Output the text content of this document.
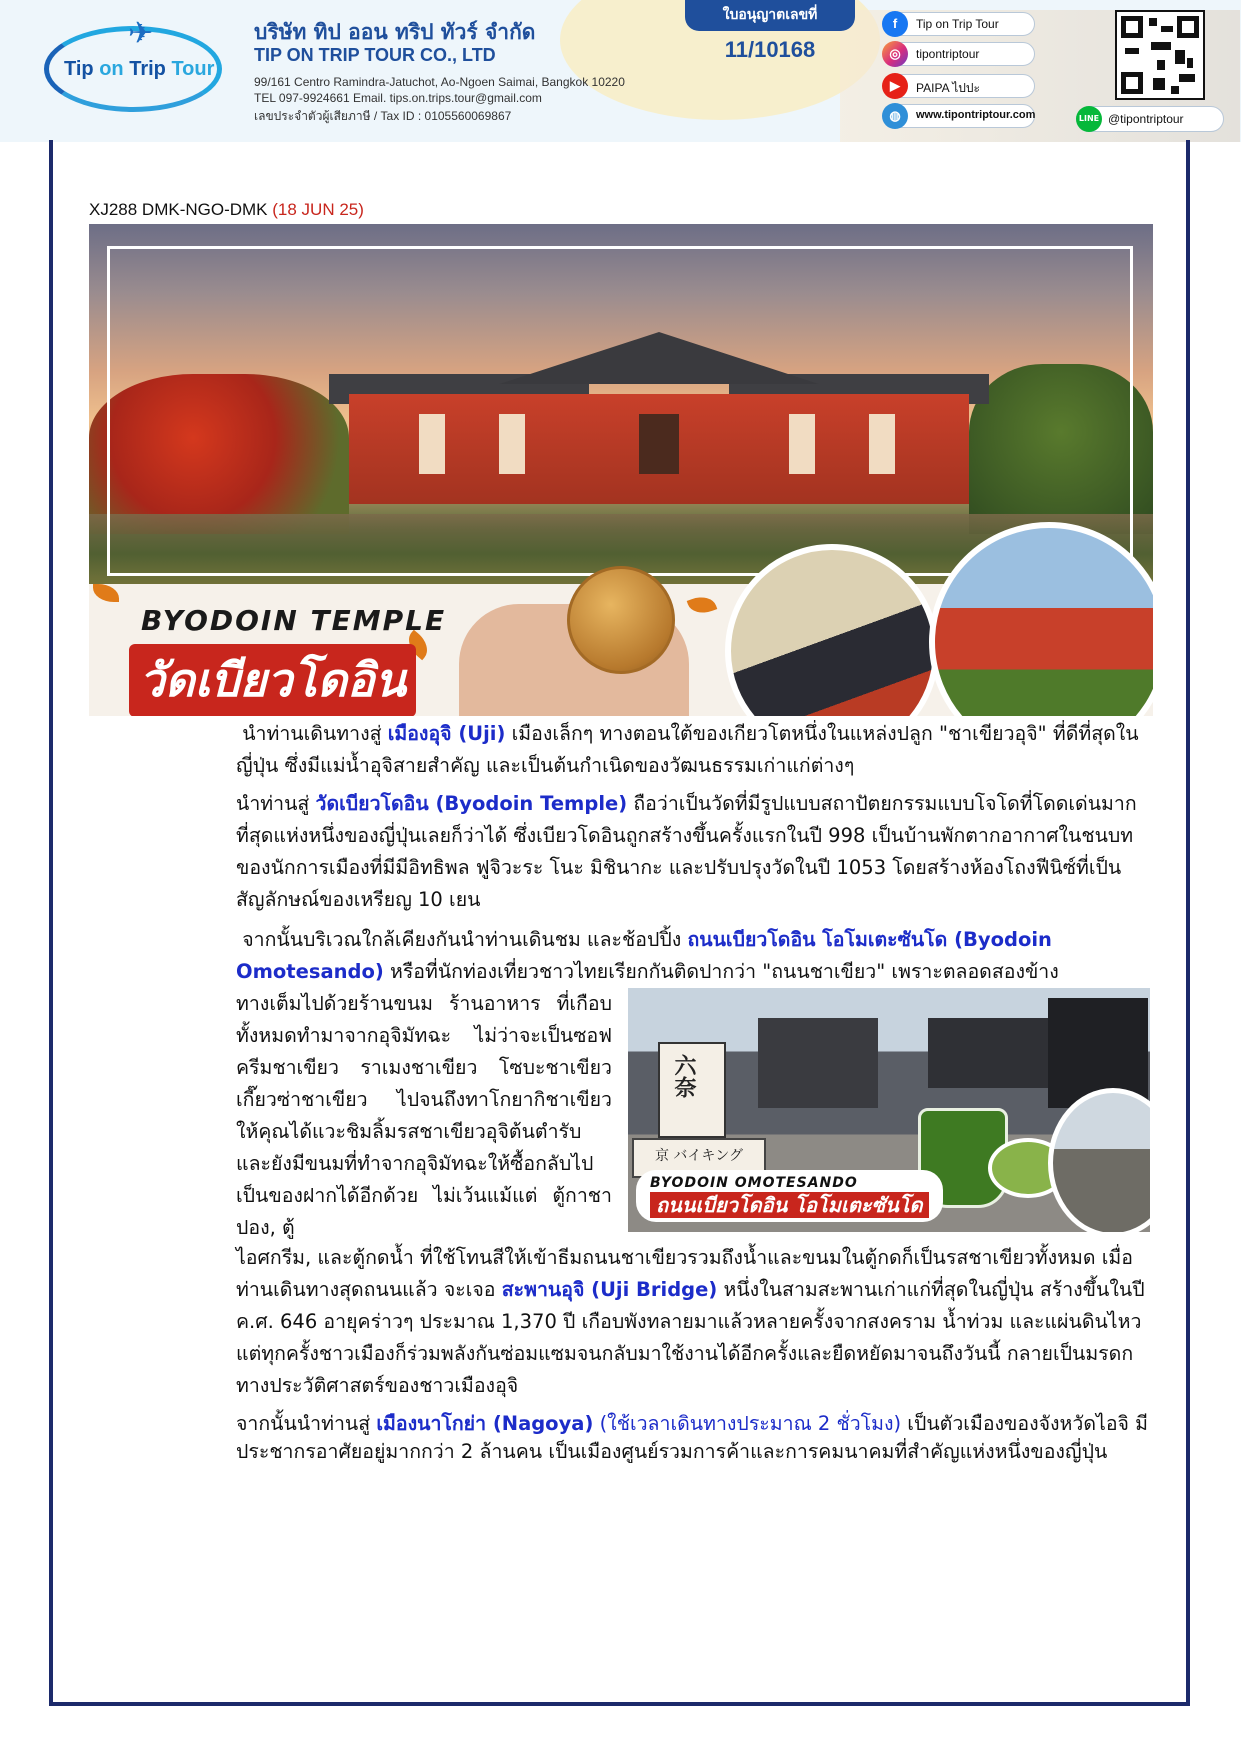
✈
Tip on Trip Tour
บริษัท ทิป ออน ทริป ทัวร์ จำกัด
TIP ON TRIP TOUR CO., LTD
99/161 Centro Ramindra-Jatuchot, Ao-Ngoen Saimai, Bangkok 10220
TEL 097-9924661 Email. tips.on.trips.tour@gmail.com
เลขประจำตัวผู้เสียภาษี / Tax ID : 0105560069867
ใบอนุญาตเลขที่
11/10168
f	Tip on Trip Tour
◎	tipontriptour
▶	PAIPA ไปปะ
◍	www.tipontriptour.com	LINE @tipontriptour
XJ288 DMK-NGO-DMK (18 JUN 25)
BYODOIN TEMPLE
วัดเบียวโดอิน

นำท่านเดินทางสู่ เมืองอุจิ (Uji) เมืองเล็กๆ ทางตอนใต้ของเกียวโตหนึ่งในแหล่งปลูก "ชาเขียวอุจิ" ที่ดีที่สุดในญี่ปุ่น ซึ่งมีแม่น้ำอุจิสายสำคัญ และเป็นต้นกำเนิดของวัฒนธรรมเก่าแก่ต่างๆ

นำท่านสู่ วัดเบียวโดอิน (Byodoin Temple) ถือว่าเป็นวัดที่มีรูปแบบสถาปัตยกรรมแบบโจโดที่โดดเด่นมากที่สุดแห่งหนึ่งของญี่ปุ่นเลยก็ว่าได้ ซึ่งเบียวโดอินถูกสร้างขึ้นครั้งแรกในปี 998 เป็นบ้านพักตากอากาศในชนบทของนักการเมืองที่มีมีอิทธิพล ฟูจิวะระ โนะ มิชินากะ และปรับปรุงวัดในปี 1053 โดยสร้างห้องโถงฟีนิซ์ที่เป็นสัญลักษณ์ของเหรียญ 10 เยน

จากนั้นบริเวณใกล้เคียงกันนำท่านเดินชม และช้อปปิ้ง ถนนเบียวโดอิน โอโมเตะซันโด (Byodoin Omotesando) หรือที่นักท่องเที่ยวชาวไทยเรียกกันติดปากว่า "ถนนชาเขียว" เพราะตลอดสองข้าง

ทางเต็มไปด้วยร้านขนม ร้านอาหาร ที่เกือบทั้งหมดทำมาจากอุจิมัทฉะ ไม่ว่าจะเป็นซอฟครีมชาเขียว ราเมงชาเขียว โซบะชาเขียว เกี๊ยวซ่าชาเขียว ไปจนถึงทาโกยากิชาเขียว ให้คุณได้แวะชิมลิ้มรสชาเขียวอุจิต้นตำรับและยังมีขนมที่ทำจากอุจิมัทฉะให้ซื้อกลับไปเป็นของฝากได้อีกด้วย ไม่เว้นแม้แต่ ตู้กาชาปอง, ตู้

六奈
京 バイキング
BYODOIN OMOTESANDO
ถนนเบียวโดอิน โอโมเตะซันโด

ไอศกรีม, และตู้กดน้ำ ที่ใช้โทนสีให้เข้าธีมถนนชาเขียวรวมถึงน้ำและขนมในตู้กดก็เป็นรสชาเขียวทั้งหมด เมื่อท่านเดินทางสุดถนนแล้ว จะเจอ สะพานอุจิ (Uji Bridge) หนึ่งในสามสะพานเก่าแก่ที่สุดในญี่ปุ่น สร้างขึ้นในปี ค.ศ. 646 อายุคร่าวๆ ประมาณ 1,370 ปี เกือบพังทลายมาแล้วหลายครั้งจากสงคราม น้ำท่วม และแผ่นดินไหว แต่ทุกครั้งชาวเมืองก็ร่วมพลังกันซ่อมแซมจนกลับมาใช้งานได้อีกครั้งและยืดหยัดมาจนถึงวันนี้ กลายเป็นมรดกทางประวัติศาสตร์ของชาวเมืองอุจิ

จากนั้นนำท่านสู่ เมืองนาโกย่า (Nagoya) (ใช้เวลาเดินทางประมาณ 2 ชั่วโมง) เป็นตัวเมืองของจังหวัดไอจิ มีประชากรอาศัยอยู่มากกว่า 2 ล้านคน เป็นเมืองศูนย์รวมการค้าและการคมนาคมที่สำคัญแห่งหนึ่งของญี่ปุ่น
